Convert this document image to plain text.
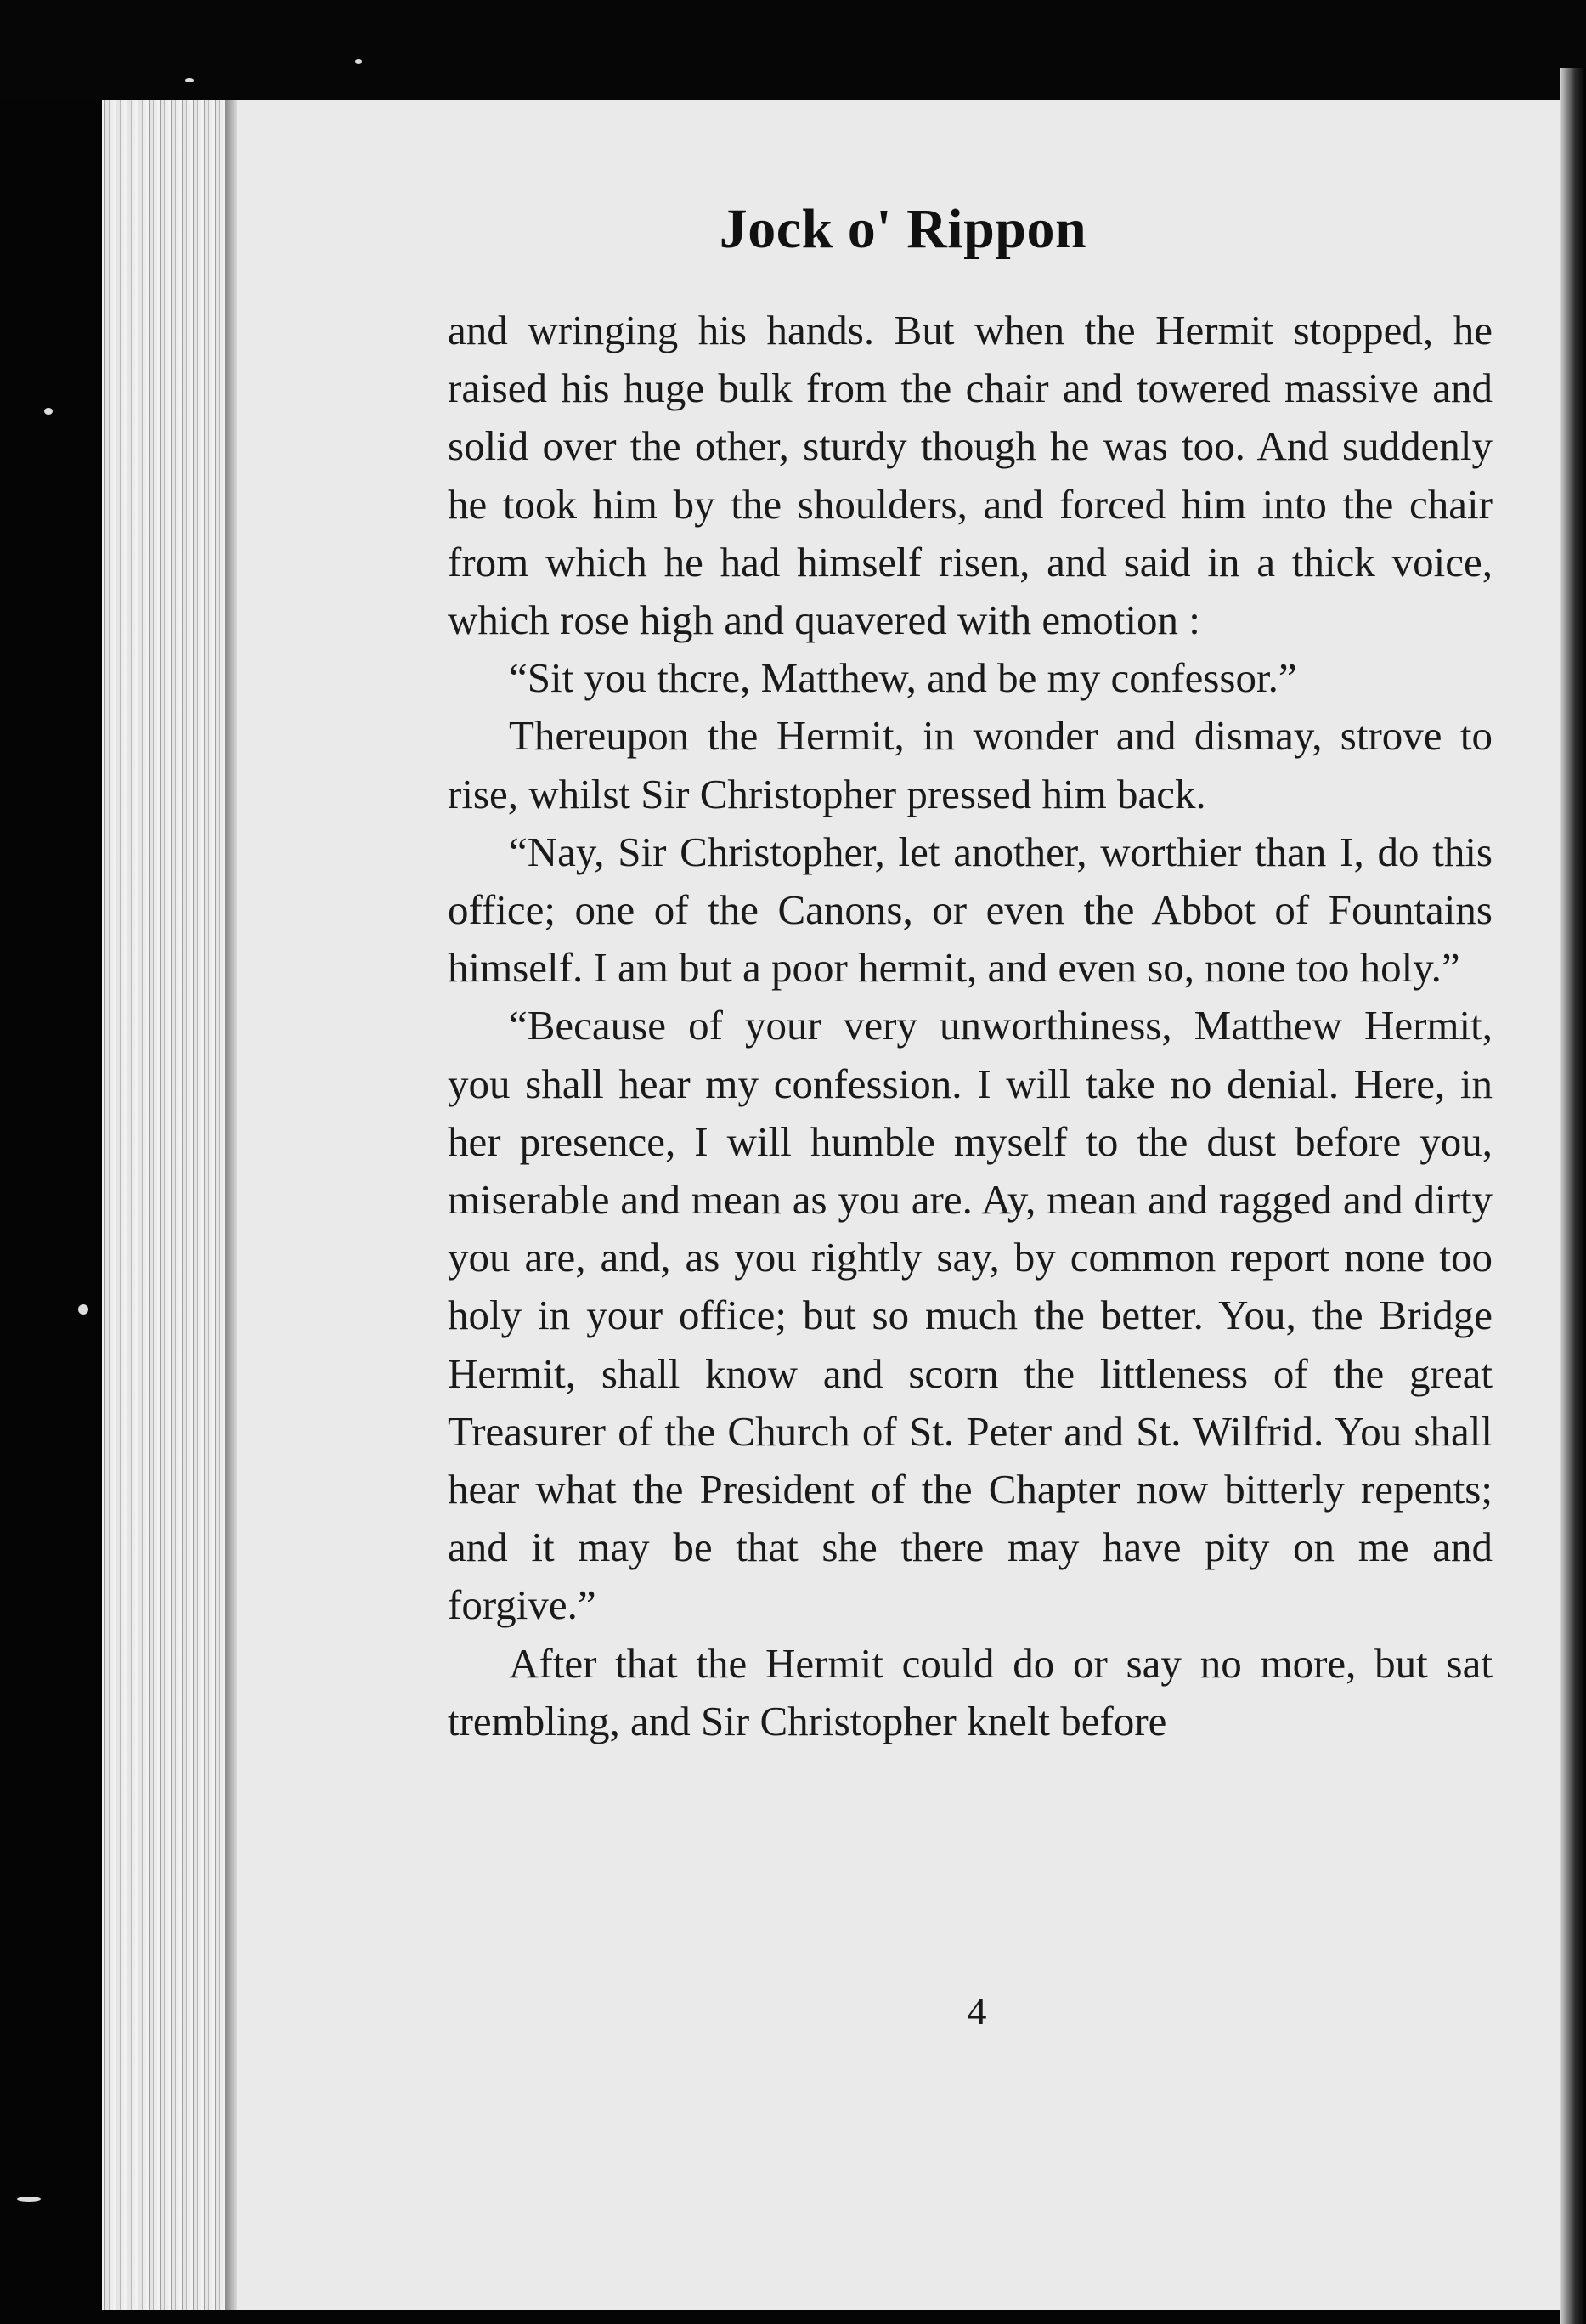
Jock o' Rippon

and wringing his hands. But when the Hermit stopped, he raised his huge bulk from the chair and towered massive and solid over the other, sturdy though he was too. And suddenly he took him by the shoulders, and forced him into the chair from which he had himself risen, and said in a thick voice, which rose high and quavered with emotion :

“Sit you thcre, Matthew, and be my confessor.”

Thereupon the Hermit, in wonder and dismay, strove to rise, whilst Sir Christopher pressed him back.

“Nay, Sir Christopher, let another, worthier than I, do this office; one of the Canons, or even the Abbot of Fountains himself. I am but a poor hermit, and even so, none too holy.”

“Because of your very unworthiness, Matthew Hermit, you shall hear my confession. I will take no denial. Here, in her presence, I will humble myself to the dust before you, miserable and mean as you are. Ay, mean and ragged and dirty you are, and, as you rightly say, by common report none too holy in your office; but so much the better. You, the Bridge Hermit, shall know and scorn the littleness of the great Treasurer of the Church of St. Peter and St. Wilfrid. You shall hear what the President of the Chapter now bitterly repents; and it may be that she there may have pity on me and forgive.”

After that the Hermit could do or say no more, but sat trembling, and Sir Christopher knelt before

4
